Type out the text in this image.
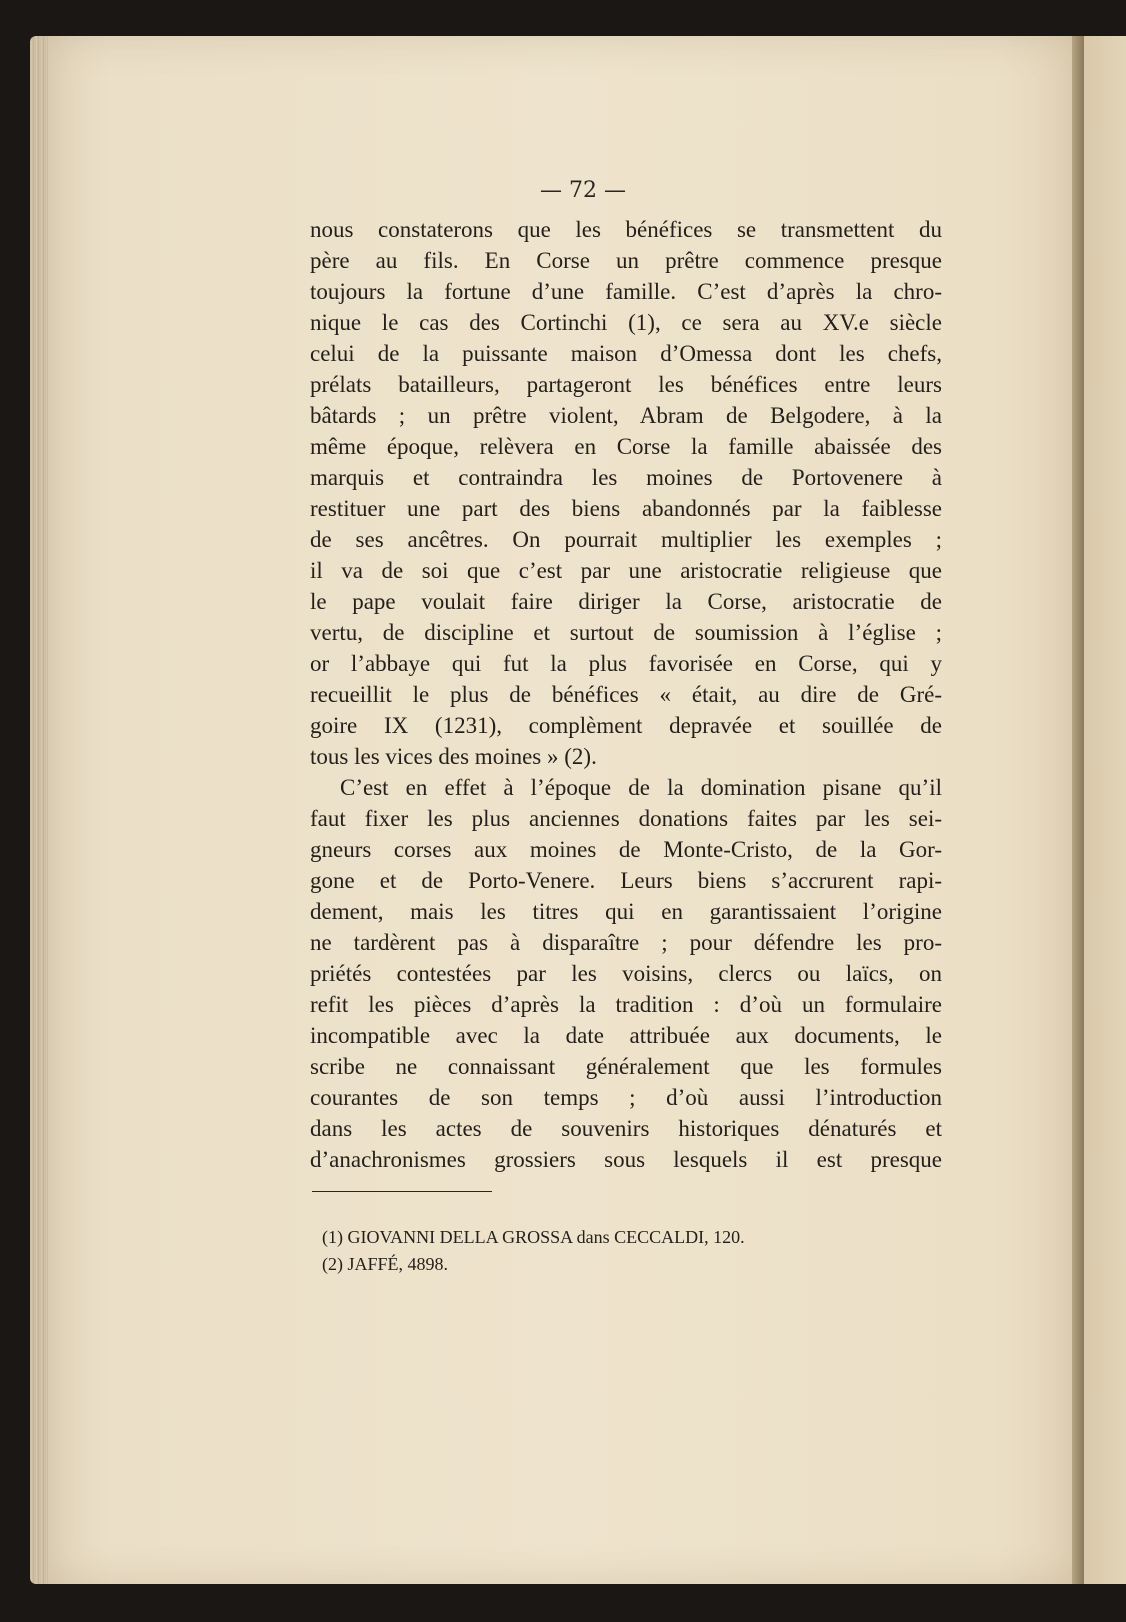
— 72 —
nous constaterons que les bénéfices se transmettent du
père au fils. En Corse un prêtre commence presque
toujours la fortune d’une famille. C’est d’après la chro-
nique le cas des Cortinchi (1), ce sera au XV.e siècle
celui de la puissante maison d’Omessa dont les chefs,
prélats batailleurs, partageront les bénéfices entre leurs
bâtards ; un prêtre violent, Abram de Belgodere, à la
même époque, relèvera en Corse la famille abaissée des
marquis et contraindra les moines de Portovenere à
restituer une part des biens abandonnés par la faiblesse
de ses ancêtres. On pourrait multiplier les exemples ;
il va de soi que c’est par une aristocratie religieuse que
le pape voulait faire diriger la Corse, aristocratie de
vertu, de discipline et surtout de soumission à l’église ;
or l’abbaye qui fut la plus favorisée en Corse, qui y
recueillit le plus de bénéfices « était, au dire de Gré-
goire IX (1231), complèment depravée et souillée de
tous les vices des moines » (2).
C’est en effet à l’époque de la domination pisane qu’il
faut fixer les plus anciennes donations faites par les sei-
gneurs corses aux moines de Monte-Cristo, de la Gor-
gone et de Porto-Venere. Leurs biens s’accrurent rapi-
dement, mais les titres qui en garantissaient l’origine
ne tardèrent pas à disparaître ; pour défendre les pro-
priétés contestées par les voisins, clercs ou laïcs, on
refit les pièces d’après la tradition : d’où un formulaire
incompatible avec la date attribuée aux documents, le
scribe ne connaissant généralement que les formules
courantes de son temps ; d’où aussi l’introduction
dans les actes de souvenirs historiques dénaturés et
d’anachronismes grossiers sous lesquels il est presque
(1) GIOVANNI DELLA GROSSA dans CECCALDI, 120.
(2) JAFFÉ, 4898.
